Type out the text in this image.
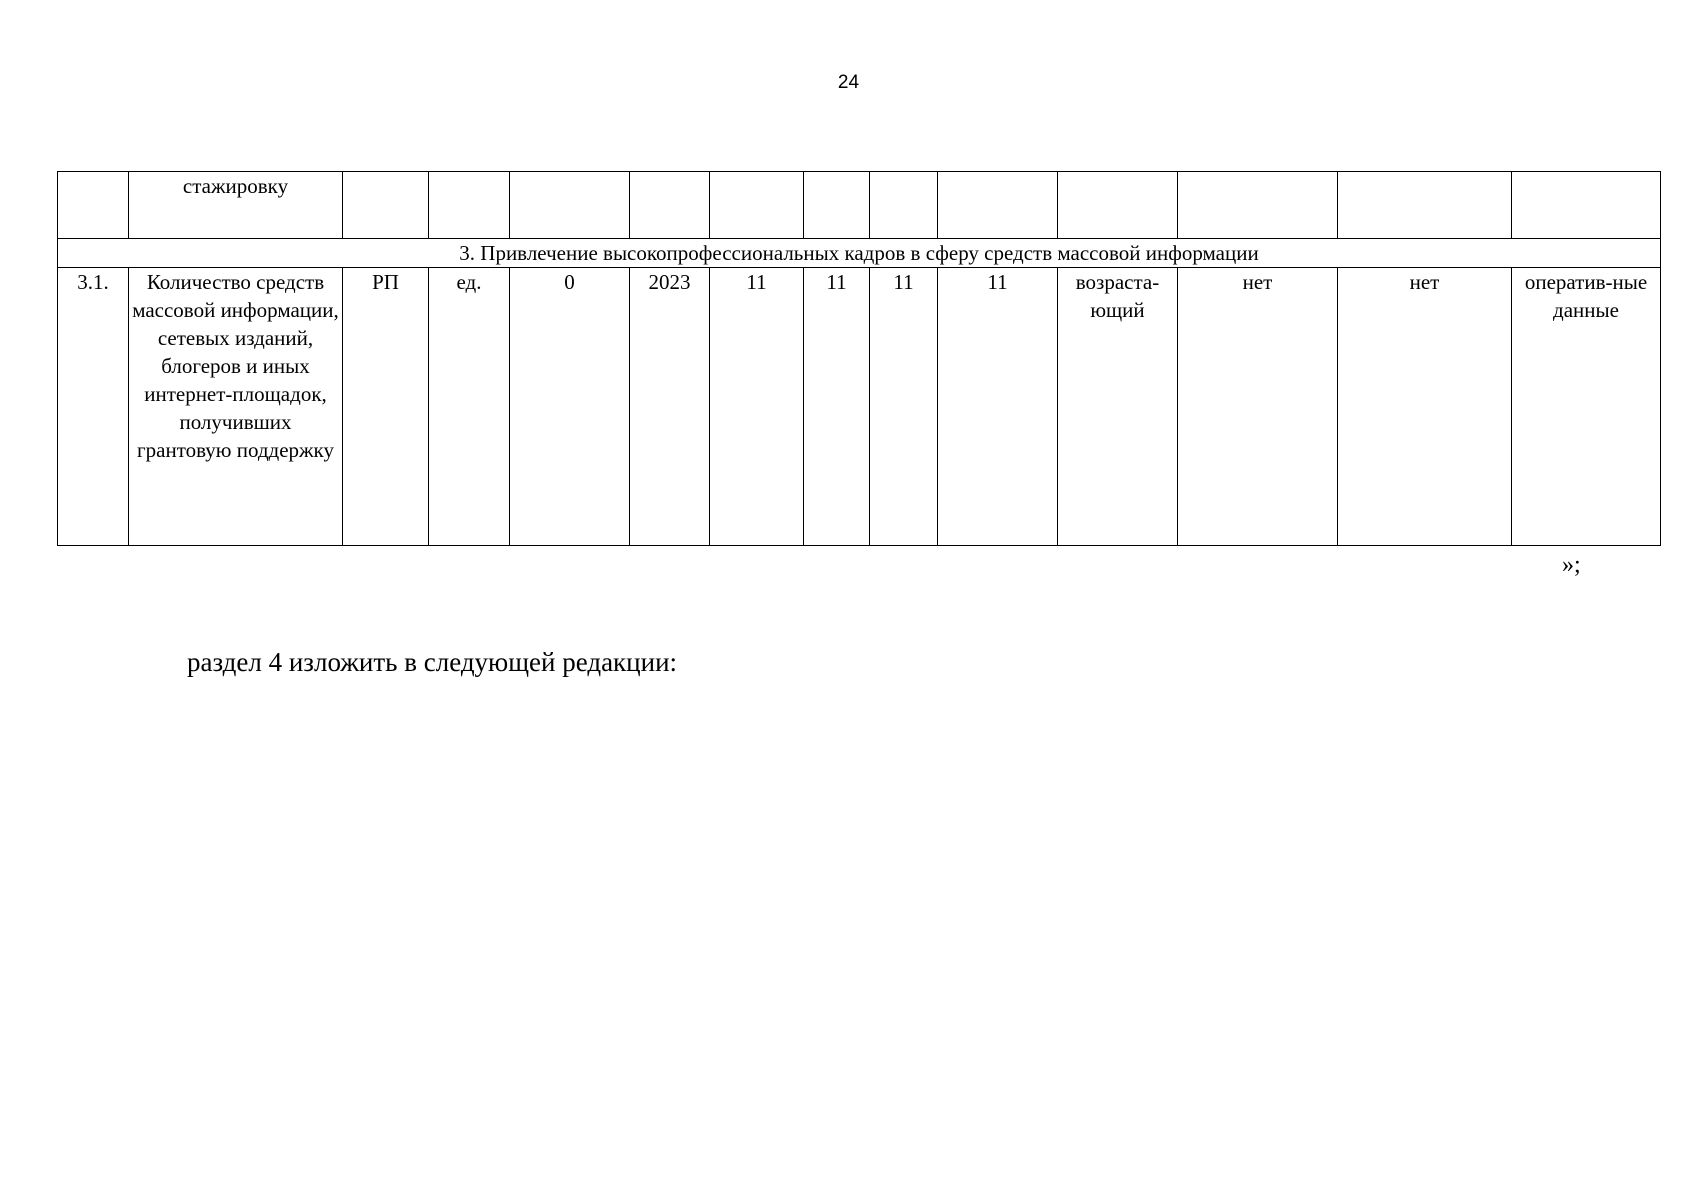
24
	стажировку												
3. Привлечение высокопрофессиональных кадров в сферу средств массовой информации													
3.1.	Количество средств массовой информации, сетевых изданий, блогеров и иных интернет-площадок, получивших грантовую поддержку	РП	ед.	0	2023	11	11	11	11	возраста-ющий	нет	нет	оператив-ные данные
»;
раздел 4 изложить в следующей редакции:
